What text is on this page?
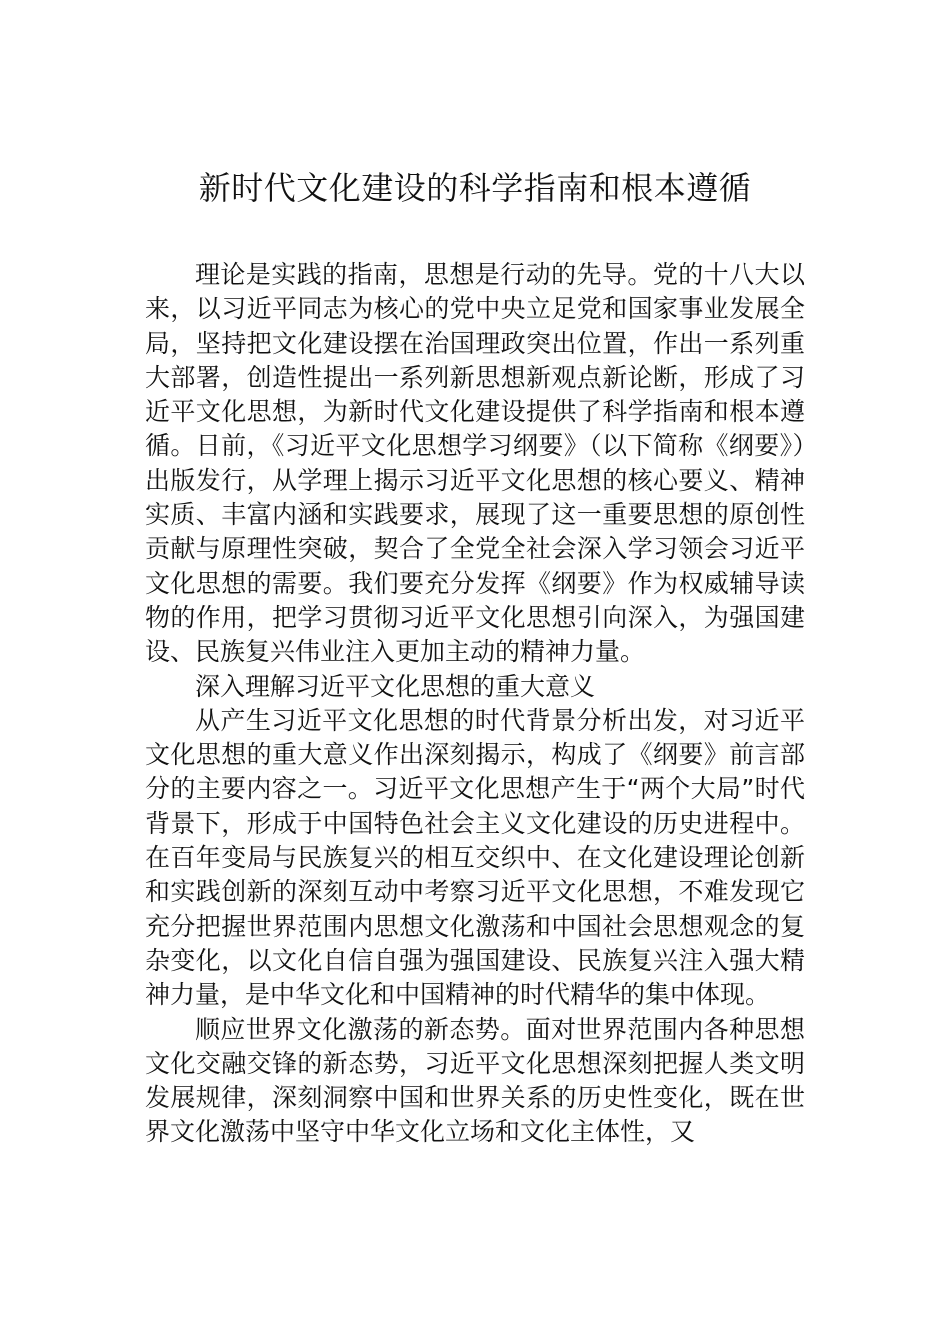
新时代文化建设的科学指南和根本遵循

理论是实践的指南，思想是行动的先导。党的十八大以来，以习近平同志为核心的党中央立足党和国家事业发展全局，坚持把文化建设摆在治国理政突出位置，作出一系列重大部署，创造性提出一系列新思想新观点新论断，形成了习近平文化思想，为新时代文化建设提供了科学指南和根本遵循。日前，《习近平文化思想学习纲要》（以下简称《纲要》）出版发行，从学理上揭示习近平文化思想的核心要义、精神实质、丰富内涵和实践要求，展现了这一重要思想的原创性贡献与原理性突破，契合了全党全社会深入学习领会习近平文化思想的需要。我们要充分发挥《纲要》作为权威辅导读物的作用，把学习贯彻习近平文化思想引向深入，为强国建设、民族复兴伟业注入更加主动的精神力量。

深入理解习近平文化思想的重大意义

从产生习近平文化思想的时代背景分析出发，对习近平文化思想的重大意义作出深刻揭示，构成了《纲要》前言部分的主要内容之一。习近平文化思想产生于“两个大局”时代背景下，形成于中国特色社会主义文化建设的历史进程中。在百年变局与民族复兴的相互交织中、在文化建设理论创新和实践创新的深刻互动中考察习近平文化思想，不难发现它充分把握世界范围内思想文化激荡和中国社会思想观念的复杂变化，以文化自信自强为强国建设、民族复兴注入强大精神力量，是中华文化和中国精神的时代精华的集中体现。

顺应世界文化激荡的新态势。面对世界范围内各种思想文化交融交锋的新态势，习近平文化思想深刻把握人类文明发展规律，深刻洞察中国和世界关系的历史性变化，既在世界文化激荡中坚守中华文化立场和文化主体性，又
